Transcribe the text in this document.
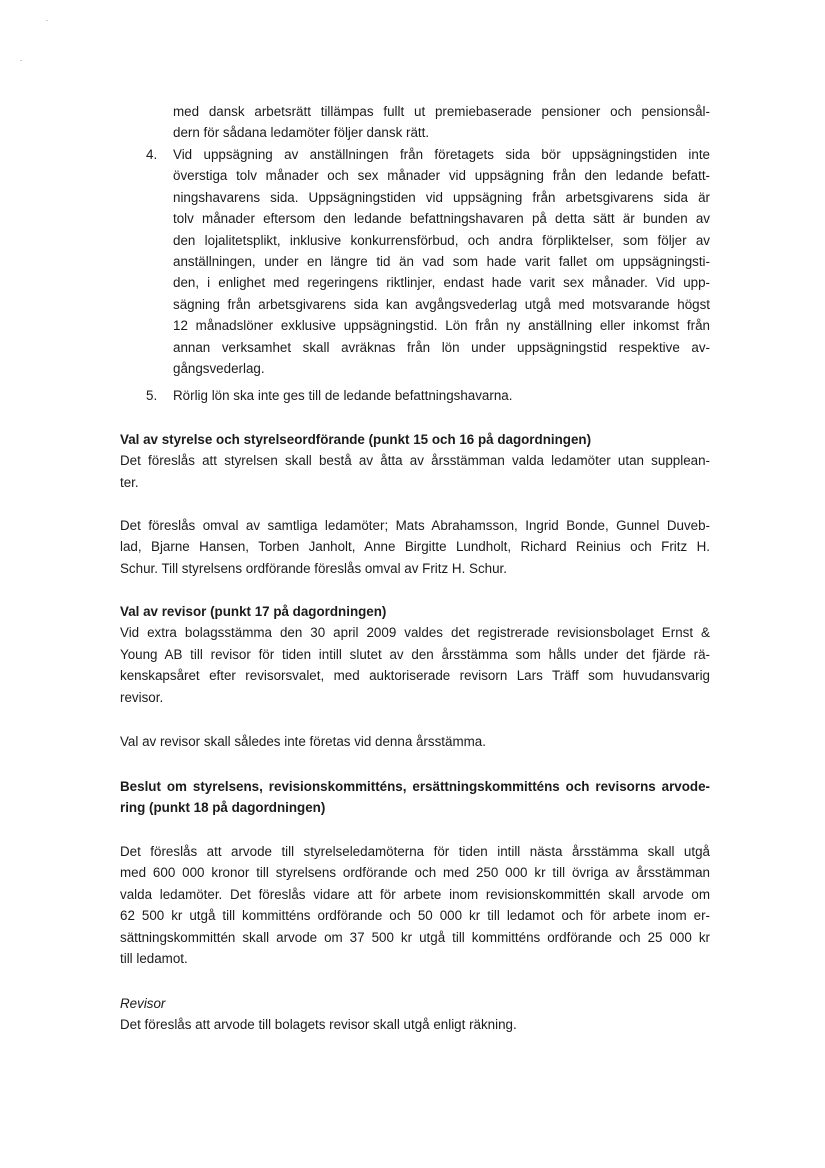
med dansk arbetsrätt tillämpas fullt ut premiebaserade pensioner och pensionsål-
dern för sådana ledamöter följer dansk rätt.
4.	Vid uppsägning av anställningen från företagets sida bör uppsägningstiden inte
överstiga tolv månader och sex månader vid uppsägning från den ledande befatt-
ningshavarens sida. Uppsägningstiden vid uppsägning från arbetsgivarens sida är
tolv månader eftersom den ledande befattningshavaren på detta sätt är bunden av
den lojalitetsplikt, inklusive konkurrensförbud, och andra förpliktelser, som följer av
anställningen, under en längre tid än vad som hade varit fallet om uppsägningsti-
den, i enlighet med regeringens riktlinjer, endast hade varit sex månader. Vid upp-
sägning från arbetsgivarens sida kan avgångsvederlag utgå med motsvarande högst
12 månadslöner exklusive uppsägningstid. Lön från ny anställning eller inkomst från
annan verksamhet skall avräknas från lön under uppsägningstid respektive av-
gångsvederlag.
5.	Rörlig lön ska inte ges till de ledande befattningshavarna.
Val av styrelse och styrelseordförande (punkt 15 och 16 på dagordningen)
Det föreslås att styrelsen skall bestå av åtta av årsstämman valda ledamöter utan supplean-
ter.
Det föreslås omval av samtliga ledamöter; Mats Abrahamsson, Ingrid Bonde, Gunnel Duveb-
lad, Bjarne Hansen, Torben Janholt, Anne Birgitte Lundholt, Richard Reinius och Fritz H.
Schur. Till styrelsens ordförande föreslås omval av Fritz H. Schur.
Val av revisor (punkt 17 på dagordningen)
Vid extra bolagsstämma den 30 april 2009 valdes det registrerade revisionsbolaget Ernst &
Young AB till revisor för tiden intill slutet av den årsstämma som hålls under det fjärde rä-
kenskapsåret efter revisorsvalet, med auktoriserade revisorn Lars Träff som huvudansvarig
revisor.
Val av revisor skall således inte företas vid denna årsstämma.
Beslut om styrelsens, revisionskommitténs, ersättningskommitténs och revisorns arvode-
ring (punkt 18 på dagordningen)
Det föreslås att arvode till styrelseledamöterna för tiden intill nästa årsstämma skall utgå
med 600 000 kronor till styrelsens ordförande och med 250 000 kr till övriga av årsstämman
valda ledamöter. Det föreslås vidare att för arbete inom revisionskommittén skall arvode om
62 500 kr utgå till kommitténs ordförande och 50 000 kr till ledamot och för arbete inom er-
sättningskommittén skall arvode om 37 500 kr utgå till kommitténs ordförande och 25 000 kr
till ledamot.
Revisor
Det föreslås att arvode till bolagets revisor skall utgå enligt räkning.
